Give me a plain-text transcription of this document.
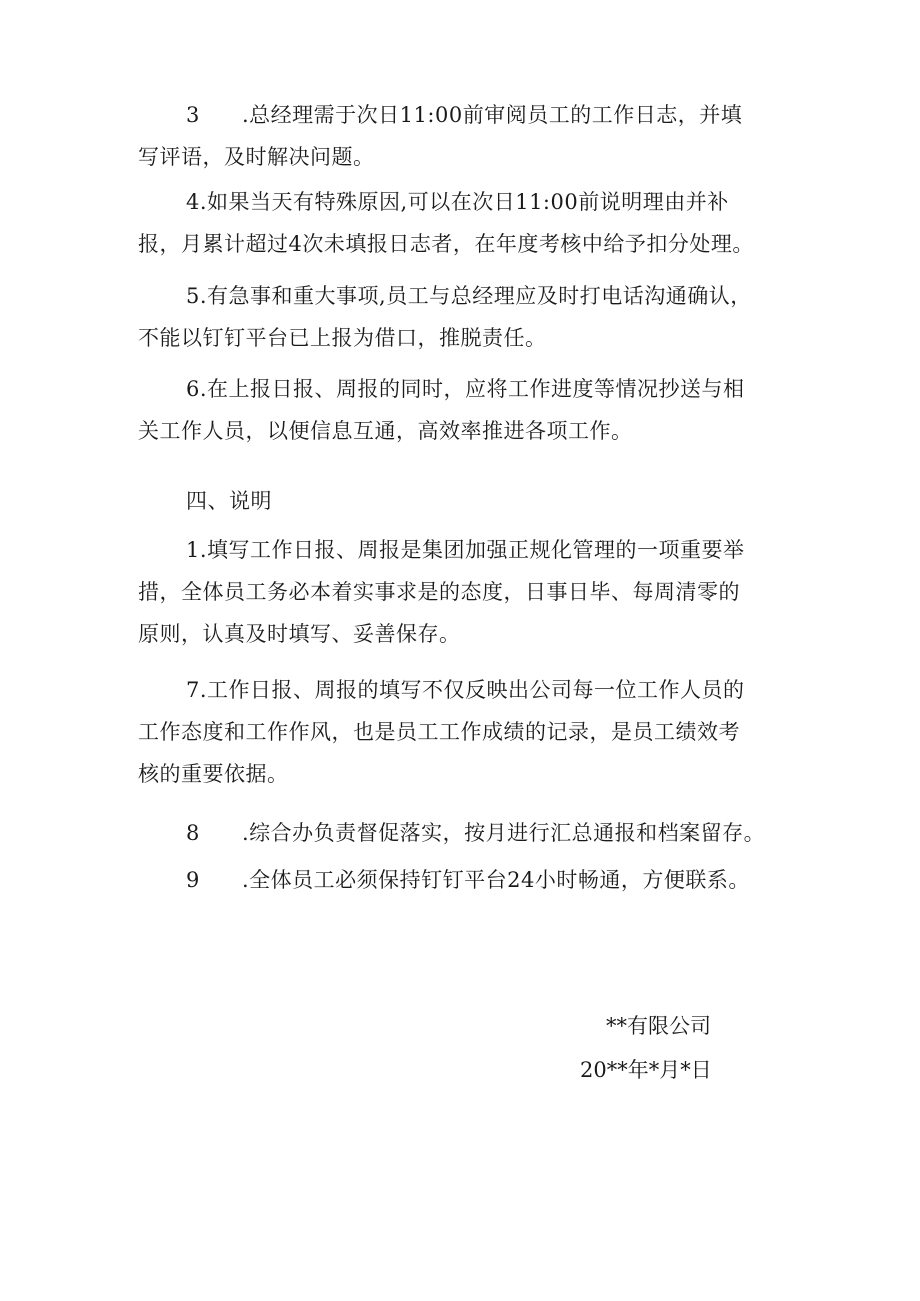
3 .总经理需于次日11:00前审阅员工的工作日志，并填
写评语，及时解决问题。

4.如果当天有特殊原因,可以在次日11:00前说明理由并补
报，月累计超过4次未填报日志者，在年度考核中给予扣分处理。

5.有急事和重大事项,员工与总经理应及时打电话沟通确认，
不能以钉钉平台已上报为借口，推脱责任。

6.在上报日报、周报的同时，应将工作进度等情况抄送与相
关工作人员，以便信息互通，高效率推进各项工作。

四、说明

1.填写工作日报、周报是集团加强正规化管理的一项重要举
措，全体员工务必本着实事求是的态度，日事日毕、每周清零的
原则，认真及时填写、妥善保存。

7.工作日报、周报的填写不仅反映出公司每一位工作人员的
工作态度和工作作风，也是员工工作成绩的记录，是员工绩效考
核的重要依据。

8 .综合办负责督促落实，按月进行汇总通报和档案留存。

9 .全体员工必须保持钉钉平台24小时畅通，方便联系。

**有限公司

20**年*月*日
